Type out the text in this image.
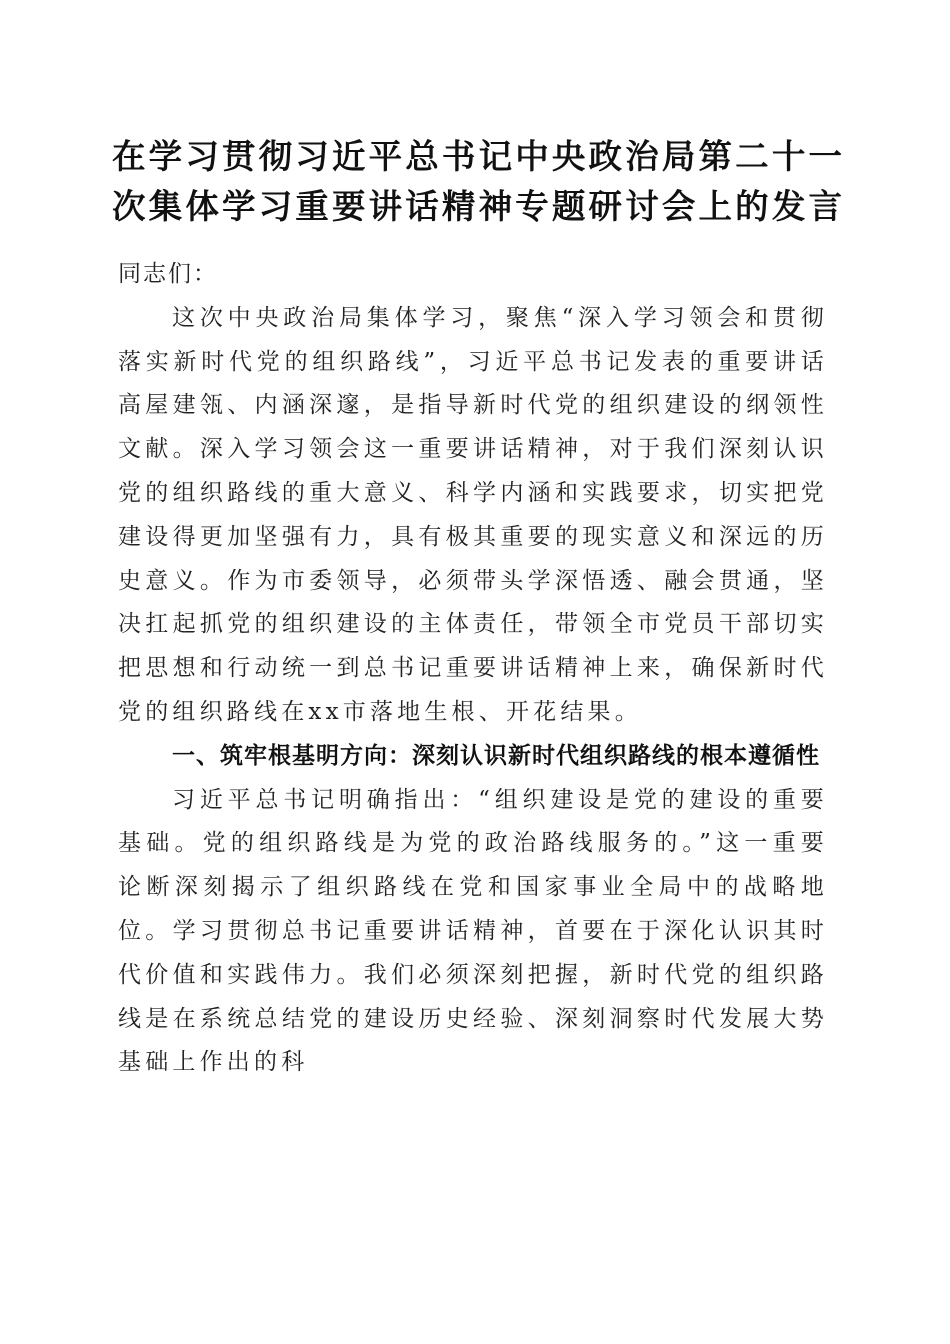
在学习贯彻习近平总书记中央政治局第二十一
次集体学习重要讲话精神专题研讨会上的发言

同志们：

这次中央政治局集体学习，聚焦“深入学习领会和贯彻落实新时代党的组织路线”，习近平总书记发表的重要讲话高屋建瓴、内涵深邃，是指导新时代党的组织建设的纲领性文献。深入学习领会这一重要讲话精神，对于我们深刻认识党的组织路线的重大意义、科学内涵和实践要求，切实把党建设得更加坚强有力，具有极其重要的现实意义和深远的历史意义。作为市委领导，必须带头学深悟透、融会贯通，坚决扛起抓党的组织建设的主体责任，带领全市党员干部切实把思想和行动统一到总书记重要讲话精神上来，确保新时代党的组织路线在xx市落地生根、开花结果。

一、筑牢根基明方向：深刻认识新时代组织路线的根本遵循性

习近平总书记明确指出：“组织建设是党的建设的重要基础。党的组织路线是为党的政治路线服务的。”这一重要论断深刻揭示了组织路线在党和国家事业全局中的战略地位。学习贯彻总书记重要讲话精神，首要在于深化认识其时代价值和实践伟力。我们必须深刻把握，新时代党的组织路线是在系统总结党的建设历史经验、深刻洞察时代发展大势基础上作出的科
